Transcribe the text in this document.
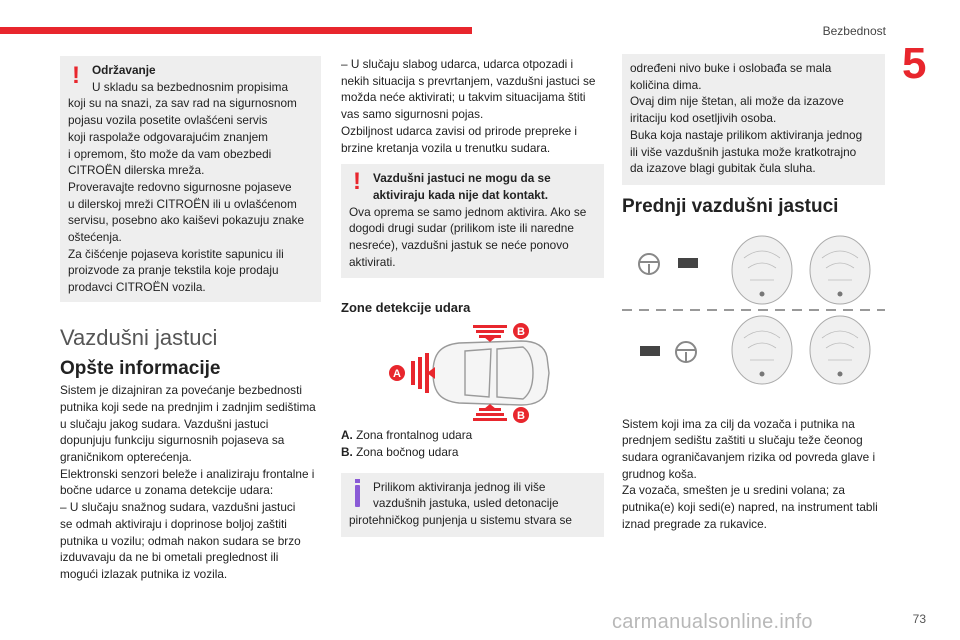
Bezbednost
5
!	Održavanje

U skladu sa bezbednosnim propisima

koji su na snazi, za sav rad na sigurnosnom

pojasu vozila posetite ovlašćeni servis

koji raspolaže odgovarajućim znanjem

i opremom, što može da vam obezbedi

CITROËN dilerska mreža.

Proveravajte redovno sigurnosne pojaseve

u dilerskoj mreži CITROËN ili u ovlašćenom

servisu, posebno ako kaiševi pokazuju znake

oštećenja.

Za čišćenje pojaseva koristite sapunicu ili

proizvode za pranje tekstila koje prodaju

prodavci CITROËN vozila.

Vazdušni jastuci
Opšte informacije

Sistem je dizajniran za povećanje bezbednosti

putnika koji sede na prednjim i zadnjim sedištima

u slučaju jakog sudara. Vazdušni jastuci

dopunjuju funkciju sigurnosnih pojaseva sa

graničnikom opterećenja.

Elektronski senzori beleže i analiziraju frontalne i

bočne udarce u zonama detekcije udara:

– U slučaju snažnog sudara, vazdušni jastuci

se odmah aktiviraju i doprinose boljoj zaštiti

putnika u vozilu; odmah nakon sudara se brzo

izduvavaju da ne bi ometali preglednost ili

mogući izlazak putnika iz vozila.

– U slučaju slabog udarca, udarca otpozadi i

nekih situacija s prevrtanjem, vazdušni jastuci se

možda neće aktivirati; u takvim situacijama štiti

vas samo sigurnosni pojas.

Ozbiljnost udarca zavisi od prirode prepreke i

brzine kretanja vozila u trenutku sudara.

! Vazdušni jastuci ne mogu da se

aktiviraju kada nije dat kontakt.

Ova oprema se samo jednom aktivira. Ako se

dogodi drugi sudar (prilikom iste ili naredne

nesreće), vazdušni jastuk se neće ponovo

aktivirati.

Zone detekcije udara
A
B
B

A. Zona frontalnog udara

B. Zona bočnog udara

Prilikom aktiviranja jednog ili više

vazdušnih jastuka, usled detonacije

pirotehničkog punjenja u sistemu stvara se

određeni nivo buke i oslobađa se mala

količina dima.

Ovaj dim nije štetan, ali može da izazove

iritaciju kod osetljivih osoba.

Buka koja nastaje prilikom aktiviranja jednog

ili više vazdušnih jastuka može kratkotrajno

da izazove blagi gubitak čula sluha.

Prednji vazdušni jastuci

Sistem koji ima za cilj da vozača i putnika na

prednjem sedištu zaštiti u slučaju teže čeonog

sudara ograničavanjem rizika od povreda glave i

grudnog koša.

Za vozača, smešten je u sredini volana; za

putnika(e) koji sedi(e) napred, na instrument tabli

iznad pregrade za rukavice.

carmanualsonline.info	73
